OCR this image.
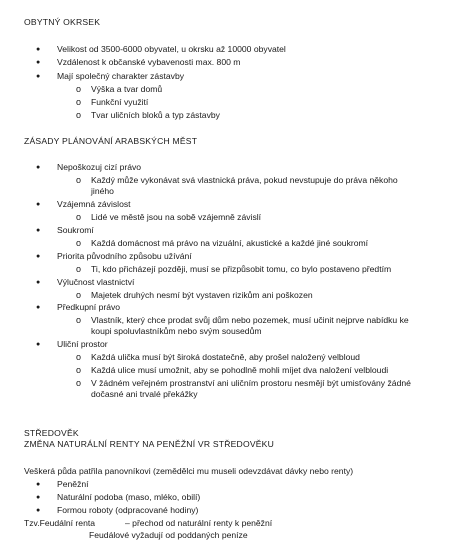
OBYTNÝ OKRSEK
● Velikost od 3500-6000 obyvatel, u okrsku až 10000 obyvatel
● Vzdálenost k občanské vybavenosti max. 800 m
● Mají společný charakter zástavby
o Výška a tvar domů
o Funkční využití
o Tvar uličních bloků a typ zástavby
ZÁSADY PLÁNOVÁNÍ ARABSKÝCH MĚST
● Nepoškozuj cizí právo
o Každý může vykonávat svá vlastnická práva, pokud nevstupuje do práva někoho
jiného
● Vzájemná závislost
o Lidé ve městě jsou na sobě vzájemně závislí
● Soukromí
o Každá domácnost má právo na vizuální, akustické a každé jiné soukromí
● Priorita původního způsobu užívání
o Ti, kdo přicházejí později, musí se přizpůsobit tomu, co bylo postaveno předtím
● Výlučnost vlastnictví
o Majetek druhých nesmí být vystaven rizikům ani poškozen
● Předkupní právo
o Vlastník, který chce prodat svůj dům nebo pozemek, musí učinit nejprve nabídku ke
koupi spoluvlastníkům nebo svým sousedům
● Uliční prostor
o Každá ulička musí být široká dostatečně, aby prošel naložený velbloud
o Každá ulice musí umožnit, aby se pohodlně mohli míjet dva naložení velbloudi
o V žádném veřejném prostranství ani uličním prostoru nesmějí být umisťovány žádné
dočasné ani trvalé překážky
STŘEDOVĚK
ZMĚNA NATURÁLNÍ RENTY NA PENĚŽNÍ VR STŘEDOVĚKU
Veškerá půda patřila panovníkovi (zemědělci mu museli odevzdávat dávky nebo renty)
● Peněžní
● Naturální podoba (maso, mléko, obilí)
● Formou roboty (odpracované hodiny)
Tzv.Feudální renta	– přechod od naturální renty k peněžní
Feudálové vyžadují od poddaných peníze
